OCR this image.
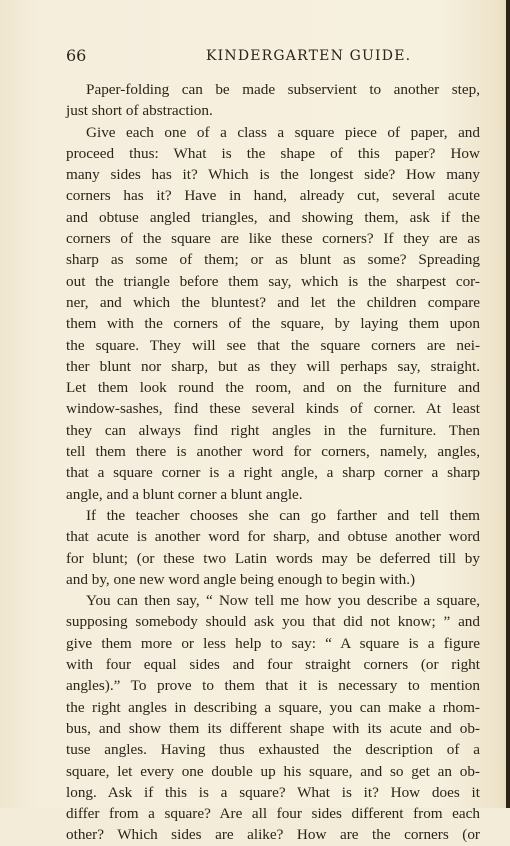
66	KINDERGARTEN GUIDE.
Paper-folding can be made subservient to another step,
just short of abstraction.
Give each one of a class a square piece of paper, and
proceed thus: What is the shape of this paper? How
many sides has it? Which is the longest side? How many
corners has it? Have in hand, already cut, several acute
and obtuse angled triangles, and showing them, ask if the
corners of the square are like these corners? If they are as
sharp as some of them; or as blunt as some? Spreading
out the triangle before them say, which is the sharpest cor-
ner, and which the bluntest? and let the children compare
them with the corners of the square, by laying them upon
the square. They will see that the square corners are nei-
ther blunt nor sharp, but as they will perhaps say, straight.
Let them look round the room, and on the furniture and
window-sashes, find these several kinds of corner. At least
they can always find right angles in the furniture. Then
tell them there is another word for corners, namely, angles,
that a square corner is a right angle, a sharp corner a sharp
angle, and a blunt corner a blunt angle.
If the teacher chooses she can go farther and tell them
that acute is another word for sharp, and obtuse another word
for blunt; (or these two Latin words may be deferred till by
and by, one new word angle being enough to begin with.)
You can then say, “ Now tell me how you describe a square,
supposing somebody should ask you that did not know; ” and
give them more or less help to say: “ A square is a figure
with four equal sides and four straight corners (or right
angles).” To prove to them that it is necessary to mention
the right angles in describing a square, you can make a rhom-
bus, and show them its different shape with its acute and ob-
tuse angles. Having thus exhausted the description of a
square, let every one double up his square, and so get an ob-
long. Ask if this is a square? What is it? How does it
differ from a square? Are all four sides different from each
other? Which sides are alike? How are the corners (or
